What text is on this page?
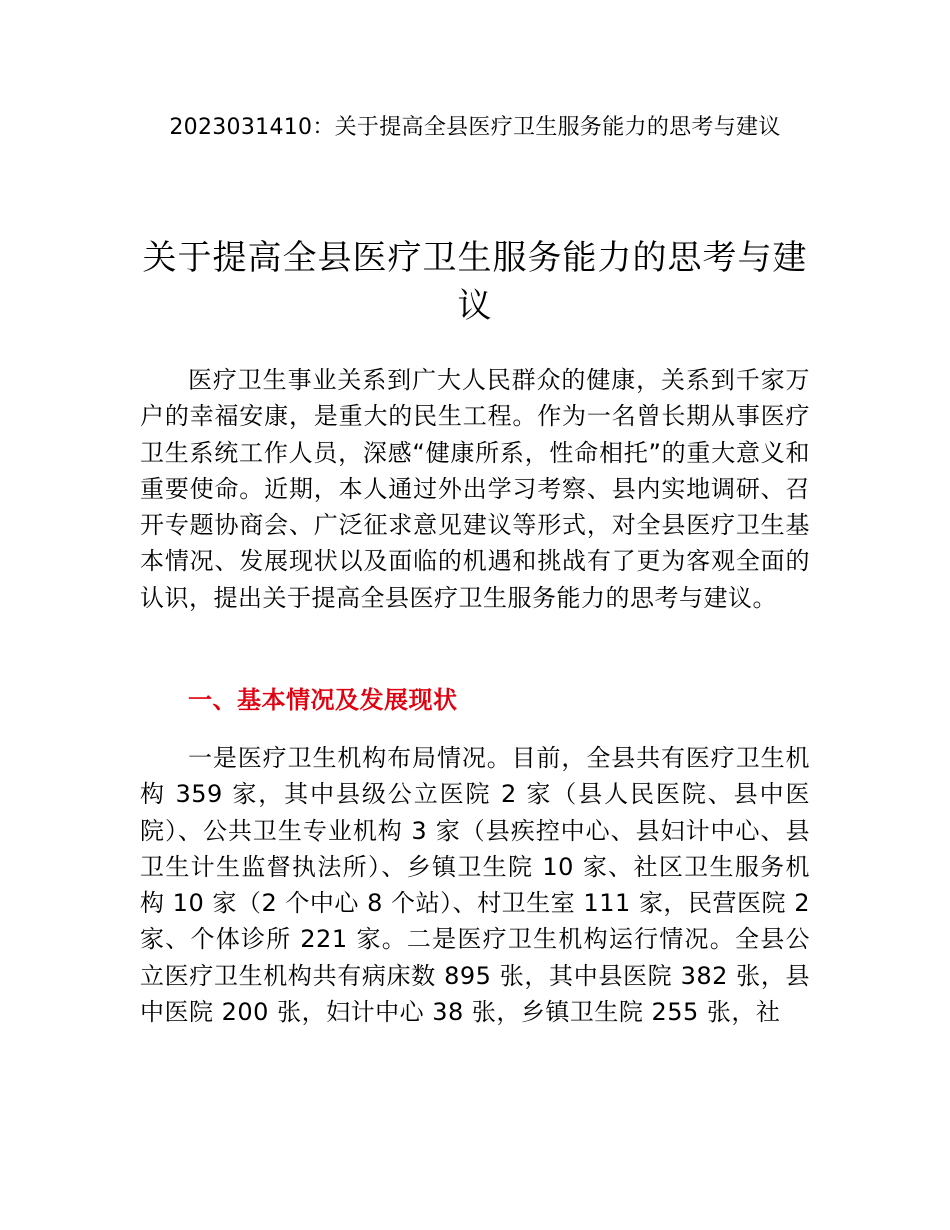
2023031410：关于提高全县医疗卫生服务能力的思考与建议
关于提高全县医疗卫生服务能力的思考与建议

医疗卫生事业关系到广大人民群众的健康，关系到千家万户的幸福安康，是重大的民生工程。作为一名曾长期从事医疗卫生系统工作人员，深感“健康所系，性命相托”的重大意义和重要使命。近期，本人通过外出学习考察、县内实地调研、召开专题协商会、广泛征求意见建议等形式，对全县医疗卫生基本情况、发展现状以及面临的机遇和挑战有了更为客观全面的认识，提出关于提高全县医疗卫生服务能力的思考与建议。

一、基本情况及发展现状

一是医疗卫生机构布局情况。目前，全县共有医疗卫生机构 359 家，其中县级公立医院 2 家（县人民医院、县中医院）、公共卫生专业机构 3 家（县疾控中心、县妇计中心、县卫生计生监督执法所）、乡镇卫生院 10 家、社区卫生服务机构 10 家（2 个中心 8 个站）、村卫生室 111 家，民营医院 2 家、个体诊所 221 家。二是医疗卫生机构运行情况。全县公立医疗卫生机构共有病床数 895 张，其中县医院 382 张，县中医院 200 张，妇计中心 38 张，乡镇卫生院 255 张，社
